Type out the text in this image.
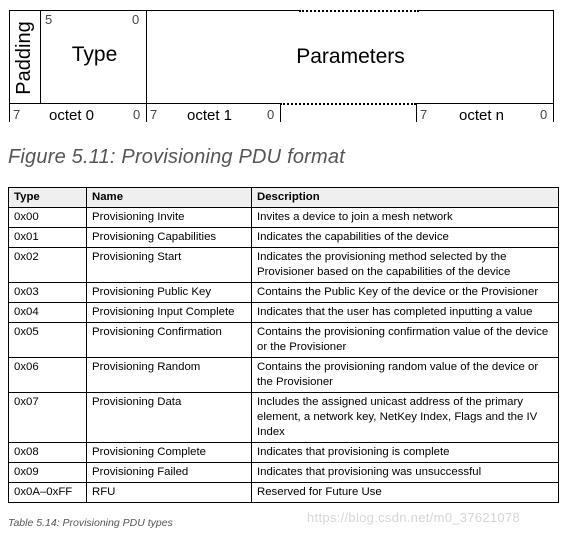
Padding	Type	Parameters
5	0
7 octet 0	0 7 octet 1	0	7 octet n	0
Figure 5.11: Provisioning PDU format
Type	Name	Description
0x00	Provisioning Invite	Invites a device to join a mesh network
0x01	Provisioning Capabilities	Indicates the capabilities of the device
0x02	Provisioning Start	Indicates the provisioning method selected by the Provisioner based on the capabilities of the device
0x03	Provisioning Public Key	Contains the Public Key of the device or the Provisioner
0x04	Provisioning Input Complete	Indicates that the user has completed inputting a value
0x05	Provisioning Confirmation	Contains the provisioning confirmation value of the device or the Provisioner
0x06	Provisioning Random	Contains the provisioning random value of the device or the Provisioner
0x07	Provisioning Data	Includes the assigned unicast address of the primary element, a network key, NetKey Index, Flags and the IV Index
0x08	Provisioning Complete	Indicates that provisioning is complete
0x09	Provisioning Failed	Indicates that provisioning was unsuccessful
0x0A–0xFF	RFU	Reserved for Future Use
Table 5.14: Provisioning PDU types	https://blog.csdn.net/m0_37621078
